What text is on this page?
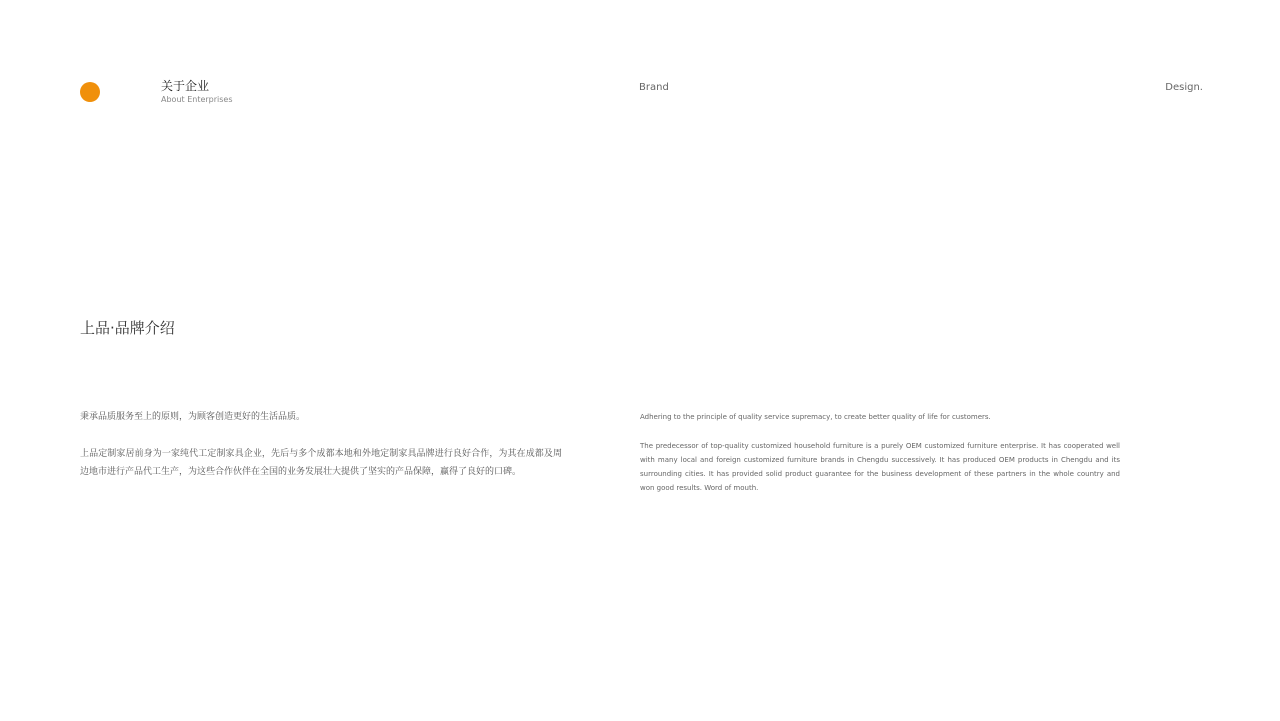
关于企业
About Enterprises
Brand	Design.
上品·品牌介绍

秉承品质服务至上的原则，为顾客创造更好的生活品质。

上品定制家居前身为一家纯代工定制家具企业，先后与多个成都本地和外地定制家具品牌进行良好合作，为其在成都及周边地市进行产品代工生产，为这些合作伙伴在全国的业务发展壮大提供了坚实的产品保障，赢得了良好的口碑。

Adhering to the principle of quality service supremacy, to create better quality of life for customers.

The predecessor of top-quality customized household furniture is a purely OEM customized furniture enterprise. It has cooperated well with many local and foreign customized furniture brands in Chengdu successively. It has produced OEM products in Chengdu and its surrounding cities. It has provided solid product guarantee for the business development of these partners in the whole country and won good results. Word of mouth.
